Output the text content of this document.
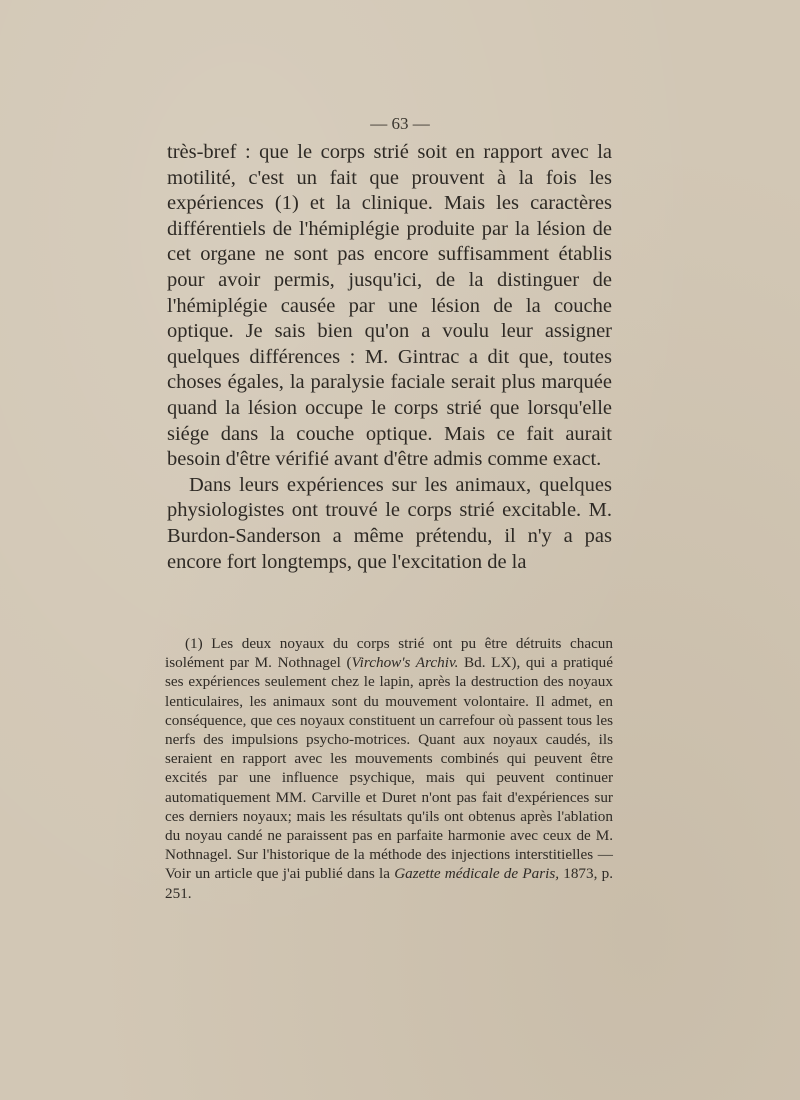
— 63 —

très-bref : que le corps strié soit en rapport avec la motilité, c'est un fait que prouvent à la fois les expériences (1) et la clinique. Mais les caractères différentiels de l'hémiplégie produite par la lésion de cet organe ne sont pas encore suffisamment établis pour avoir permis, jusqu'ici, de la distinguer de l'hémiplégie causée par une lésion de la couche optique. Je sais bien qu'on a voulu leur assigner quelques différences : M. Gintrac a dit que, toutes choses égales, la paralysie faciale serait plus marquée quand la lésion occupe le corps strié que lorsqu'elle siége dans la couche optique. Mais ce fait aurait besoin d'être vérifié avant d'être admis comme exact.

Dans leurs expériences sur les animaux, quelques physiologistes ont trouvé le corps strié excitable. M. Burdon-Sanderson a même prétendu, il n'y a pas encore fort longtemps, que l'excitation de la

(1) Les deux noyaux du corps strié ont pu être détruits chacun isolément par M. Nothnagel (Virchow's Archiv. Bd. LX), qui a pratiqué ses expériences seulement chez le lapin, après la destruction des noyaux lenticulaires, les animaux sont du mouvement volontaire. Il admet, en conséquence, que ces noyaux constituent un carrefour où passent tous les nerfs des impulsions psycho-motrices. Quant aux noyaux caudés, ils seraient en rapport avec les mouvements combinés qui peuvent être excités par une influence psychique, mais qui peuvent continuer automatiquement MM. Carville et Duret n'ont pas fait d'expériences sur ces derniers noyaux; mais les résultats qu'ils ont obtenus après l'ablation du noyau candé ne paraissent pas en parfaite harmonie avec ceux de M. Nothnagel. Sur l'historique de la méthode des injections interstitielles — Voir un article que j'ai publié dans la Gazette médicale de Paris, 1873, p. 251.
